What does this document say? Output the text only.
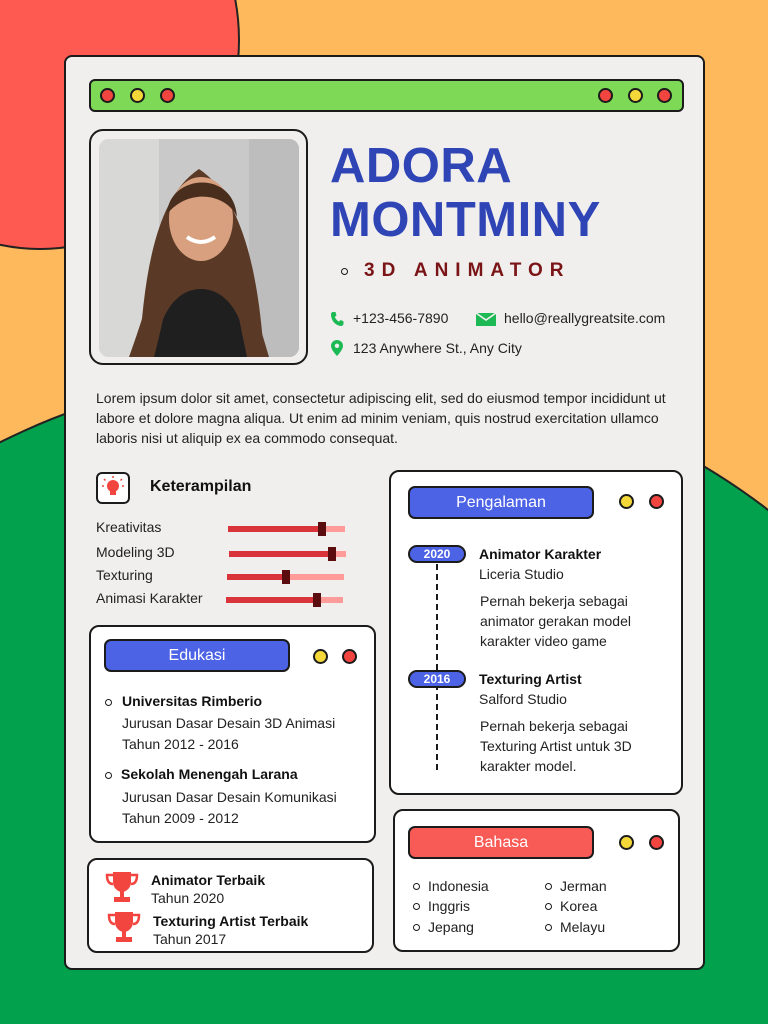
ADORA
MONTMINY
3D ANIMATOR
+123-456-7890	hello@reallygreatsite.com
123 Anywhere St., Any City
Lorem ipsum dolor sit amet, consectetur adipiscing elit, sed do eiusmod tempor incididunt ut labore et dolore magna aliqua. Ut enim ad minim veniam, quis nostrud exercitation ullamco laboris nisi ut aliquip ex ea commodo consequat.
Keterampilan
Pengalaman
2020	Animator Karakter
Liceria Studio
Pernah bekerja sebagai
animator gerakan model
karakter video game
2016	Texturing Artist
Salford Studio
Pernah bekerja sebagai
Texturing Artist untuk 3D
karakter model.
Edukasi
Universitas Rimberio
Jurusan Dasar Desain 3D Animasi
Tahun 2012 - 2016
Sekolah Menengah Larana
Jurusan Dasar Desain Komunikasi
Tahun 2009 - 2012
Animator Terbaik
Tahun 2020
Texturing Artist Terbaik
Tahun 2017
Bahasa
Indonesia
Inggris
Jepang
Jerman
Korea
Melayu
Kreativitas
Modeling 3D
Texturing
Animasi Karakter
